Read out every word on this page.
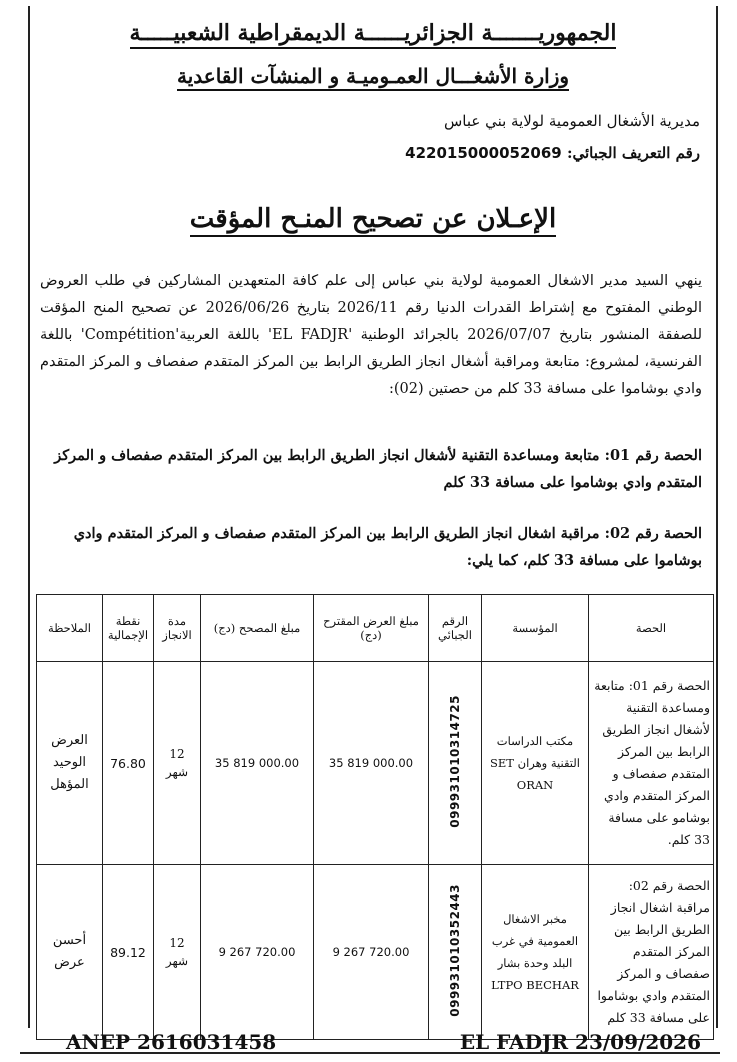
الجمهوريـــــــة الجزائريــــــة الديمقراطية الشعبيـــــة
وزارة الأشغـــال العمـوميـة و المنشآت القاعدية
مديرية الأشغال العمومية لولاية بني عباس
رقم التعريف الجبائي: 422015000052069
الإعـلان عن تصحيح المنـح المؤقت
ينهي السيد مدير الاشغال العمومية لولاية بني عباس إلى علم كافة المتعهدين المشاركين في طلب العروض الوطني المفتوح مع إشتراط القدرات الدنيا رقم 2026/11 بتاريخ 2026/06/26 عن تصحيح المنح المؤقت للصفقة المنشور بتاريخ 2026/07/07 بالجرائد الوطنية 'EL FADJR' باللغة العربية'Compétition' باللغة الفرنسية، لمشروع: متابعة ومراقبة أشغال انجاز الطريق الرابط بين المركز المتقدم صفصاف و المركز المتقدم وادي بوشاموا على مسافة 33 كلم من حصتين (02):
الحصة رقم 01: متابعة ومساعدة التقنية لأشغال انجاز الطريق الرابط بين المركز المتقدم صفصاف و المركز المتقدم وادي بوشاموا على مسافة 33 كلم
الحصة رقم 02: مراقبة اشغال انجاز الطريق الرابط بين المركز المتقدم صفصاف و المركز المتقدم وادي بوشاموا على مسافة 33 كلم، كما يلي:
الحصة	المؤسسة	الرقم الجبائي	مبلغ العرض المقترح (دج)	مبلغ المصحح (دج)	مدة الانجاز	نقطة الإجمالية	الملاحظة
الحصة رقم 01: متابعة ومساعدة التقنية لأشغال انجاز الطريق الرابط بين المركز المتقدم صفصاف و المركز المتقدم وادي بوشامو على مسافة 33 كلم.	مكتب الدراسات التقنية وهران SET ORAN	099931010314725	35 819 000.00	35 819 000.00	12 شهر	76.80	العرض الوحيد المؤهل
الحصة رقم 02: مراقبة اشغال انجاز الطريق الرابط بين المركز المتقدم صفصاف و المركز المتقدم وادي بوشاموا على مسافة 33 كلم	مخبر الاشغال العمومية في غرب البلد وحدة بشار LTPO BECHAR	099931010352443	9 267 720.00	9 267 720.00	12 شهر	89.12	أحسن عرض
ANEP 2616031458	EL FADJR 23/09/2026
